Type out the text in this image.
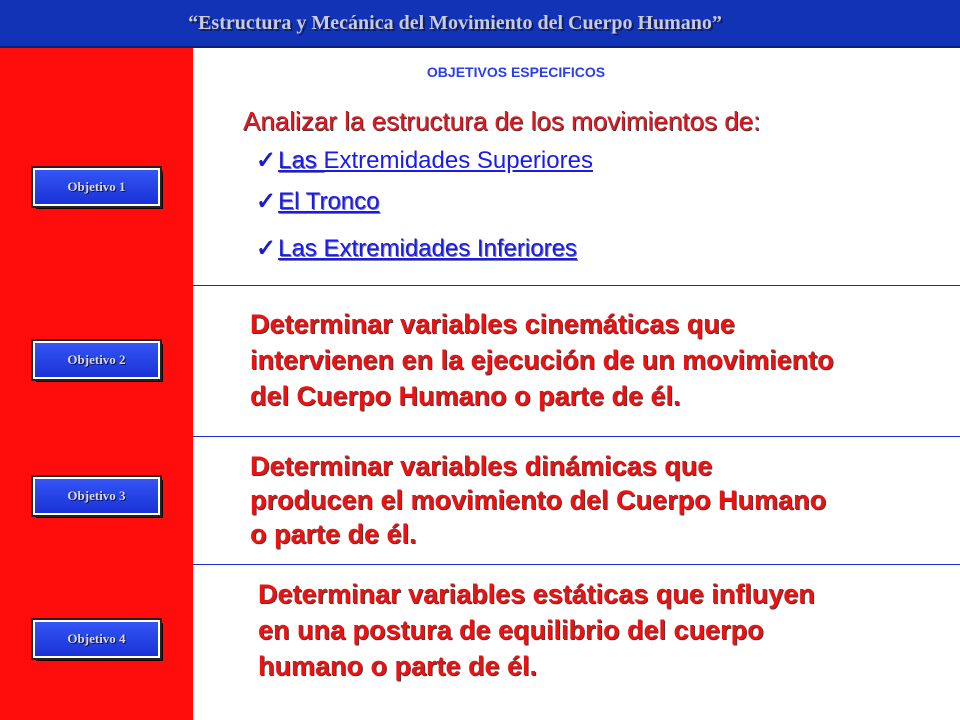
“Estructura y Mecánica del Movimiento del Cuerpo Humano”
OBJETIVOS ESPECIFICOS
Objetivo 1
Objetivo 2
Objetivo 3
Objetivo 4
Analizar la estructura de los movimientos de:
✓ Las Extremidades Superiores
✓ El Tronco
✓ Las Extremidades Inferiores
Determinar variables cinemáticas que
intervienen en la ejecución de un movimiento
del Cuerpo Humano o parte de él.
Determinar variables dinámicas que
producen el movimiento del Cuerpo Humano
o parte de él.
Determinar variables estáticas que influyen
en una postura de equilibrio del cuerpo
humano o parte de él.
